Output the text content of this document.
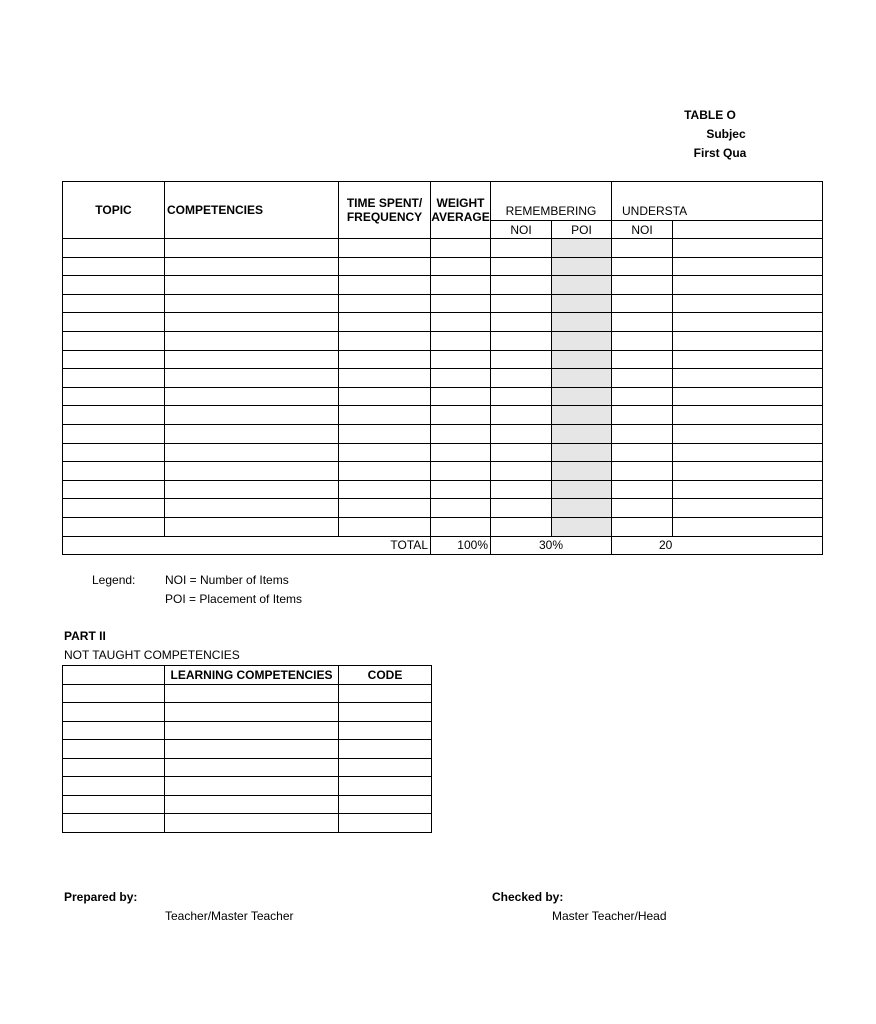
TABLE O
Subjec
First Qua
TOPIC	COMPETENCIES	TIME SPENT/ FREQUENCY	WEIGHT AVERAGE	REMEMBERING		UNDERSTA	
				NOI	POI	NOI	

TOTAL			100%	30%		20	
Legend: NOI = Number of Items
POI = Placement of Items
PART II
NOT TAUGHT COMPETENCIES
	LEARNING COMPETENCIES	CODE

Prepared by:
Teacher/Master Teacher
Checked by:
Master Teacher/Head
